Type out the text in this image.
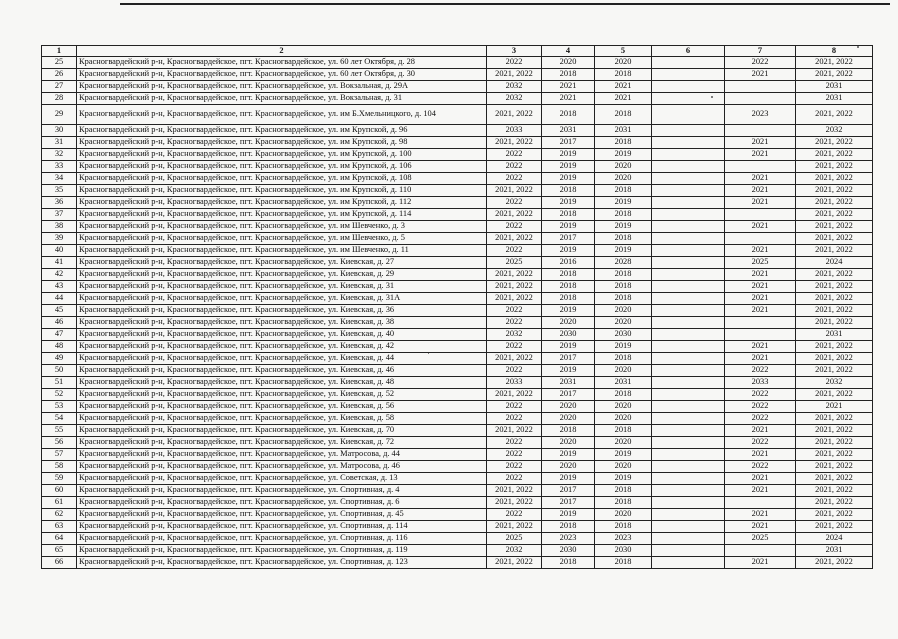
1	2	3	4	5	6	7	8
25	Красногвардейский р-н, Красногвардейское, пгт. Красногвардейское, ул. 60 лет Октября, д. 28	2022	2020	2020		2022	2021, 2022
26	Красногвардейский р-н, Красногвардейское, пгт. Красногвардейское, ул. 60 лет Октября, д. 30	2021, 2022	2018	2018		2021	2021, 2022
27	Красногвардейский р-н, Красногвардейское, пгт. Красногвардейское, ул. Вокзальная, д. 29А	2032	2021	2021			2031
28	Красногвардейский р-н, Красногвардейское, пгт. Красногвардейское, ул. Вокзальная, д. 31	2032	2021	2021			2031
29	Красногвардейский р-н, Красногвардейское, пгт. Красногвардейское, ул. им Б.Хмельницкого, д. 104	2021, 2022	2018	2018		2023	2021, 2022
30	Красногвардейский р-н, Красногвардейское, пгт. Красногвардейское, ул. им Крупской, д. 96	2033	2031	2031			2032
31	Красногвардейский р-н, Красногвардейское, пгт. Красногвардейское, ул. им Крупской, д. 98	2021, 2022	2017	2018		2021	2021, 2022
32	Красногвардейский р-н, Красногвардейское, пгт. Красногвардейское, ул. им Крупской, д. 100	2022	2019	2019		2021	2021, 2022
33	Красногвардейский р-н, Красногвардейское, пгт. Красногвардейское, ул. им Крупской, д. 106	2022	2019	2020			2021, 2022
34	Красногвардейский р-н, Красногвардейское, пгт. Красногвардейское, ул. им Крупской, д. 108	2022	2019	2020		2021	2021, 2022
35	Красногвардейский р-н, Красногвардейское, пгт. Красногвардейское, ул. им Крупской, д. 110	2021, 2022	2018	2018		2021	2021, 2022
36	Красногвардейский р-н, Красногвардейское, пгт. Красногвардейское, ул. им Крупской, д. 112	2022	2019	2019		2021	2021, 2022
37	Красногвардейский р-н, Красногвардейское, пгт. Красногвардейское, ул. им Крупской, д. 114	2021, 2022	2018	2018			2021, 2022
38	Красногвардейский р-н, Красногвардейское, пгт. Красногвардейское, ул. им Шевченко, д. 3	2022	2019	2019		2021	2021, 2022
39	Красногвардейский р-н, Красногвардейское, пгт. Красногвардейское, ул. им Шевченко, д. 5	2021, 2022	2017	2018			2021, 2022
40	Красногвардейский р-н, Красногвардейское, пгт. Красногвардейское, ул. им Шевченко, д. 11	2022	2019	2019		2021	2021, 2022
41	Красногвардейский р-н, Красногвардейское, пгт. Красногвардейское, ул. Киевская, д. 27	2025	2016	2028		2025	2024
42	Красногвардейский р-н, Красногвардейское, пгт. Красногвардейское, ул. Киевская, д. 29	2021, 2022	2018	2018		2021	2021, 2022
43	Красногвардейский р-н, Красногвардейское, пгт. Красногвардейское, ул. Киевская, д. 31	2021, 2022	2018	2018		2021	2021, 2022
44	Красногвардейский р-н, Красногвардейское, пгт. Красногвардейское, ул. Киевская, д. 31А	2021, 2022	2018	2018		2021	2021, 2022
45	Красногвардейский р-н, Красногвардейское, пгт. Красногвардейское, ул. Киевская, д. 36	2022	2019	2020		2021	2021, 2022
46	Красногвардейский р-н, Красногвардейское, пгт. Красногвардейское, ул. Киевская, д. 38	2022	2020	2020			2021, 2022
47	Красногвардейский р-н, Красногвардейское, пгт. Красногвардейское, ул. Киевская, д. 40	2032	2030	2030			2031
48	Красногвардейский р-н, Красногвардейское, пгт. Красногвардейское, ул. Киевская, д. 42	2022	2019	2019		2021	2021, 2022
49	Красногвардейский р-н, Красногвардейское, пгт. Красногвардейское, ул. Киевская, д. 44	2021, 2022	2017	2018		2021	2021, 2022
50	Красногвардейский р-н, Красногвардейское, пгт. Красногвардейское, ул. Киевская, д. 46	2022	2019	2020		2022	2021, 2022
51	Красногвардейский р-н, Красногвардейское, пгт. Красногвардейское, ул. Киевская, д. 48	2033	2031	2031		2033	2032
52	Красногвардейский р-н, Красногвардейское, пгт. Красногвардейское, ул. Киевская, д. 52	2021, 2022	2017	2018		2022	2021, 2022
53	Красногвардейский р-н, Красногвардейское, пгт. Красногвардейское, ул. Киевская, д. 56	2022	2020	2020		2022	2021
54	Красногвардейский р-н, Красногвардейское, пгт. Красногвардейское, ул. Киевская, д. 58	2022	2020	2020		2022	2021, 2022
55	Красногвардейский р-н, Красногвардейское, пгт. Красногвардейское, ул. Киевская, д. 70	2021, 2022	2018	2018		2021	2021, 2022
56	Красногвардейский р-н, Красногвардейское, пгт. Красногвардейское, ул. Киевская, д. 72	2022	2020	2020		2022	2021, 2022
57	Красногвардейский р-н, Красногвардейское, пгт. Красногвардейское, ул. Матросова, д. 44	2022	2019	2019		2021	2021, 2022
58	Красногвардейский р-н, Красногвардейское, пгт. Красногвардейское, ул. Матросова, д. 46	2022	2020	2020		2022	2021, 2022
59	Красногвардейский р-н, Красногвардейское, пгт. Красногвардейское, ул. Советская, д. 13	2022	2019	2019		2021	2021, 2022
60	Красногвардейский р-н, Красногвардейское, пгт. Красногвардейское, ул. Спортивная, д. 4	2021, 2022	2017	2018		2021	2021, 2022
61	Красногвардейский р-н, Красногвардейское, пгт. Красногвардейское, ул. Спортивная, д. 6	2021, 2022	2017	2018			2021, 2022
62	Красногвардейский р-н, Красногвардейское, пгт. Красногвардейское, ул. Спортивная, д. 45	2022	2019	2020		2021	2021, 2022
63	Красногвардейский р-н, Красногвардейское, пгт. Красногвардейское, ул. Спортивная, д. 114	2021, 2022	2018	2018		2021	2021, 2022
64	Красногвардейский р-н, Красногвардейское, пгт. Красногвардейское, ул. Спортивная, д. 116	2025	2023	2023		2025	2024
65	Красногвардейский р-н, Красногвардейское, пгт. Красногвардейское, ул. Спортивная, д. 119	2032	2030	2030			2031
66	Красногвардейский р-н, Красногвардейское, пгт. Красногвардейское, ул. Спортивная, д. 123	2021, 2022	2018	2018		2021	2021, 2022
